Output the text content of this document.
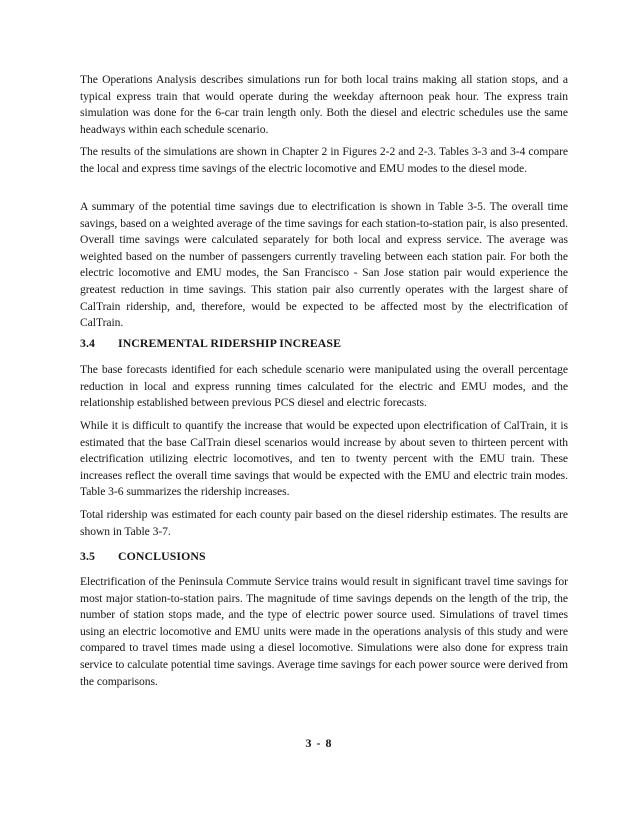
The Operations Analysis describes simulations run for both local trains making all station stops, and a typical express train that would operate during the weekday afternoon peak hour. The express train simulation was done for the 6-car train length only. Both the diesel and electric schedules use the same headways within each schedule scenario.

The results of the simulations are shown in Chapter 2 in Figures 2-2 and 2-3. Tables 3-3 and 3-4 compare the local and express time savings of the electric locomotive and EMU modes to the diesel mode.

A summary of the potential time savings due to electrification is shown in Table 3-5. The overall time savings, based on a weighted average of the time savings for each station-to-station pair, is also presented. Overall time savings were calculated separately for both local and express service. The average was weighted based on the number of passengers currently traveling between each station pair. For both the electric locomotive and EMU modes, the San Francisco - San Jose station pair would experience the greatest reduction in time savings. This station pair also currently operates with the largest share of CalTrain ridership, and, therefore, would be expected to be affected most by the electrification of CalTrain.

3.4 INCREMENTAL RIDERSHIP INCREASE

The base forecasts identified for each schedule scenario were manipulated using the overall percentage reduction in local and express running times calculated for the electric and EMU modes, and the relationship established between previous PCS diesel and electric forecasts.

While it is difficult to quantify the increase that would be expected upon electrification of CalTrain, it is estimated that the base CalTrain diesel scenarios would increase by about seven to thirteen percent with electrification utilizing electric locomotives, and ten to twenty percent with the EMU train. These increases reflect the overall time savings that would be expected with the EMU and electric train modes. Table 3-6 summarizes the ridership increases.

Total ridership was estimated for each county pair based on the diesel ridership estimates. The results are shown in Table 3-7.

3.5 CONCLUSIONS

Electrification of the Peninsula Commute Service trains would result in significant travel time savings for most major station-to-station pairs. The magnitude of time savings depends on the length of the trip, the number of station stops made, and the type of electric power source used. Simulations of travel times using an electric locomotive and EMU units were made in the operations analysis of this study and were compared to travel times made using a diesel locomotive. Simulations were also done for express train service to calculate potential time savings. Average time savings for each power source were derived from the comparisons.

3 - 8
